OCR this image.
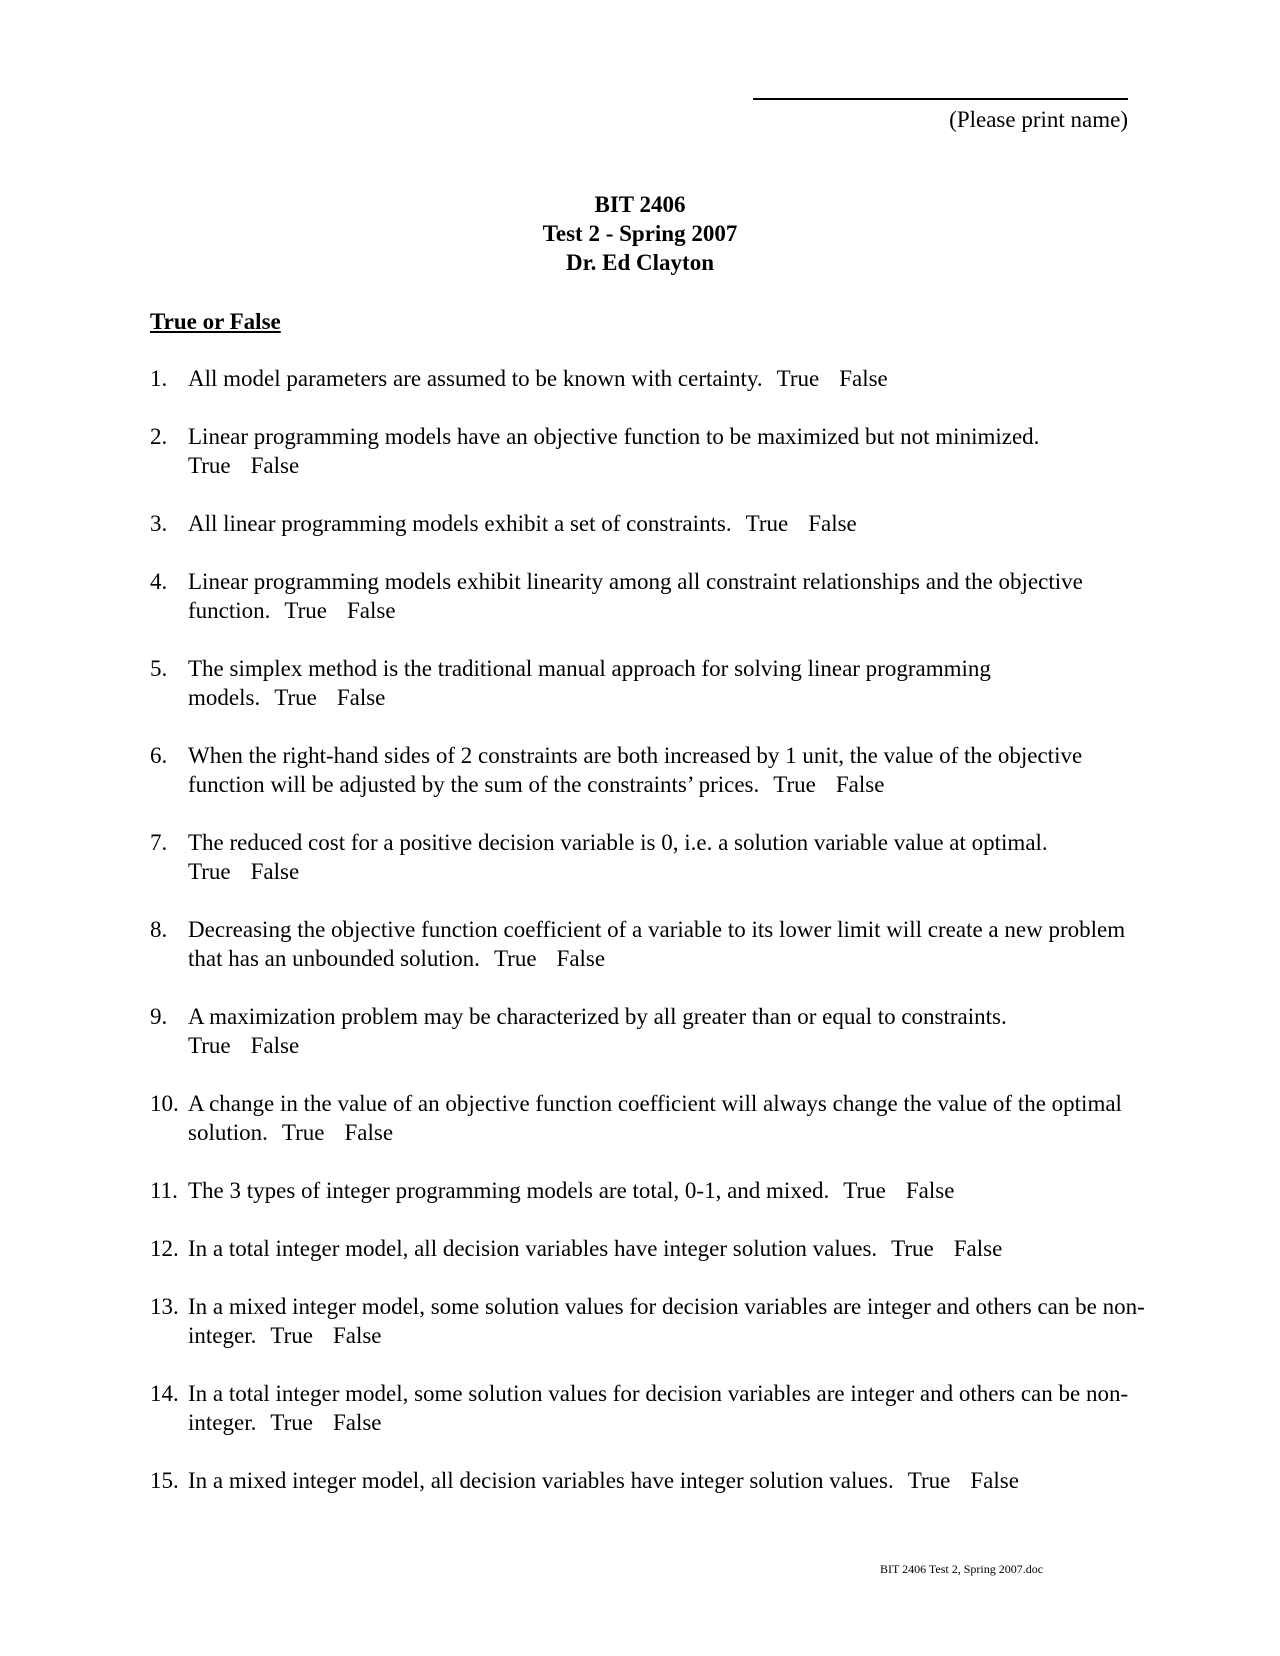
(Please print name)
BIT 2406
Test 2 - Spring 2007
Dr. Ed Clayton
True or False
1. All model parameters are assumed to be known with certainty. True False
2. Linear programming models have an objective function to be maximized but not minimized.
True False
3. All linear programming models exhibit a set of constraints. True False
4. Linear programming models exhibit linearity among all constraint relationships and the objective function. True False
5. The simplex method is the traditional manual approach for solving linear programming models. True False
6. When the right-hand sides of 2 constraints are both increased by 1 unit, the value of the objective function will be adjusted by the sum of the constraints’ prices. True False
7. The reduced cost for a positive decision variable is 0, i.e. a solution variable value at optimal.
True False
8. Decreasing the objective function coefficient of a variable to its lower limit will create a new problem that has an unbounded solution. True False
9. A maximization problem may be characterized by all greater than or equal to constraints.
True False
10. A change in the value of an objective function coefficient will always change the value of the optimal solution. True False
11. The 3 types of integer programming models are total, 0-1, and mixed. True False
12. In a total integer model, all decision variables have integer solution values. True False
13. In a mixed integer model, some solution values for decision variables are integer and others can be non-integer. True False
14. In a total integer model, some solution values for decision variables are integer and others can be non-integer. True False
15. In a mixed integer model, all decision variables have integer solution values. True False
BIT 2406 Test 2, Spring 2007.doc
